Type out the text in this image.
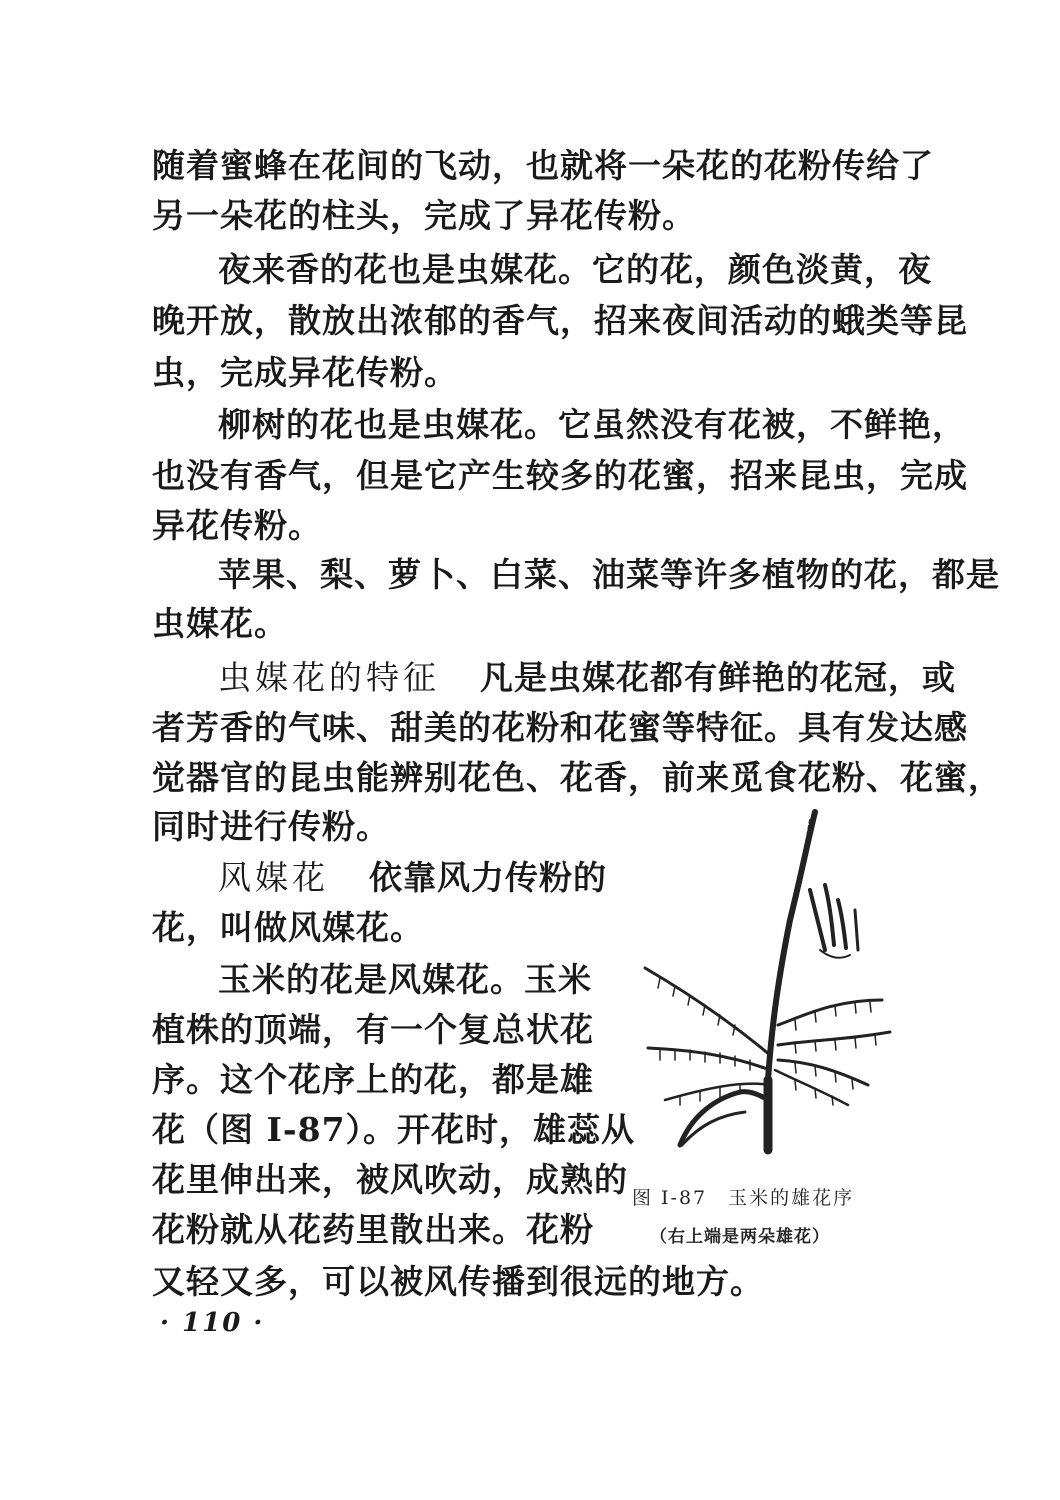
随着蜜蜂在花间的飞动，也就将一朵花的花粉传给了
另一朵花的柱头，完成了异花传粉。
夜来香的花也是虫媒花。它的花，颜色淡黄，夜
晚开放，散放出浓郁的香气，招来夜间活动的蛾类等昆
虫，完成异花传粉。
柳树的花也是虫媒花。它虽然没有花被，不鲜艳，
也没有香气，但是它产生较多的花蜜，招来昆虫，完成
异花传粉。
苹果、梨、萝卜、白菜、油菜等许多植物的花，都是
虫媒花。
虫媒花的特征 凡是虫媒花都有鲜艳的花冠，或
者芳香的气味、甜美的花粉和花蜜等特征。具有发达感
觉器官的昆虫能辨别花色、花香，前来觅食花粉、花蜜，
同时进行传粉。
风媒花 依靠风力传粉的
花，叫做风媒花。
玉米的花是风媒花。玉米
植株的顶端，有一个复总状花
序。这个花序上的花，都是雄
花（图 I-87）。开花时，雄蕊从
花里伸出来，被风吹动，成熟的
花粉就从花药里散出来。花粉
又轻又多，可以被风传播到很远的地方。
图 I-87　玉米的雄花序
（右上端是两朵雄花）
· 110 ·
